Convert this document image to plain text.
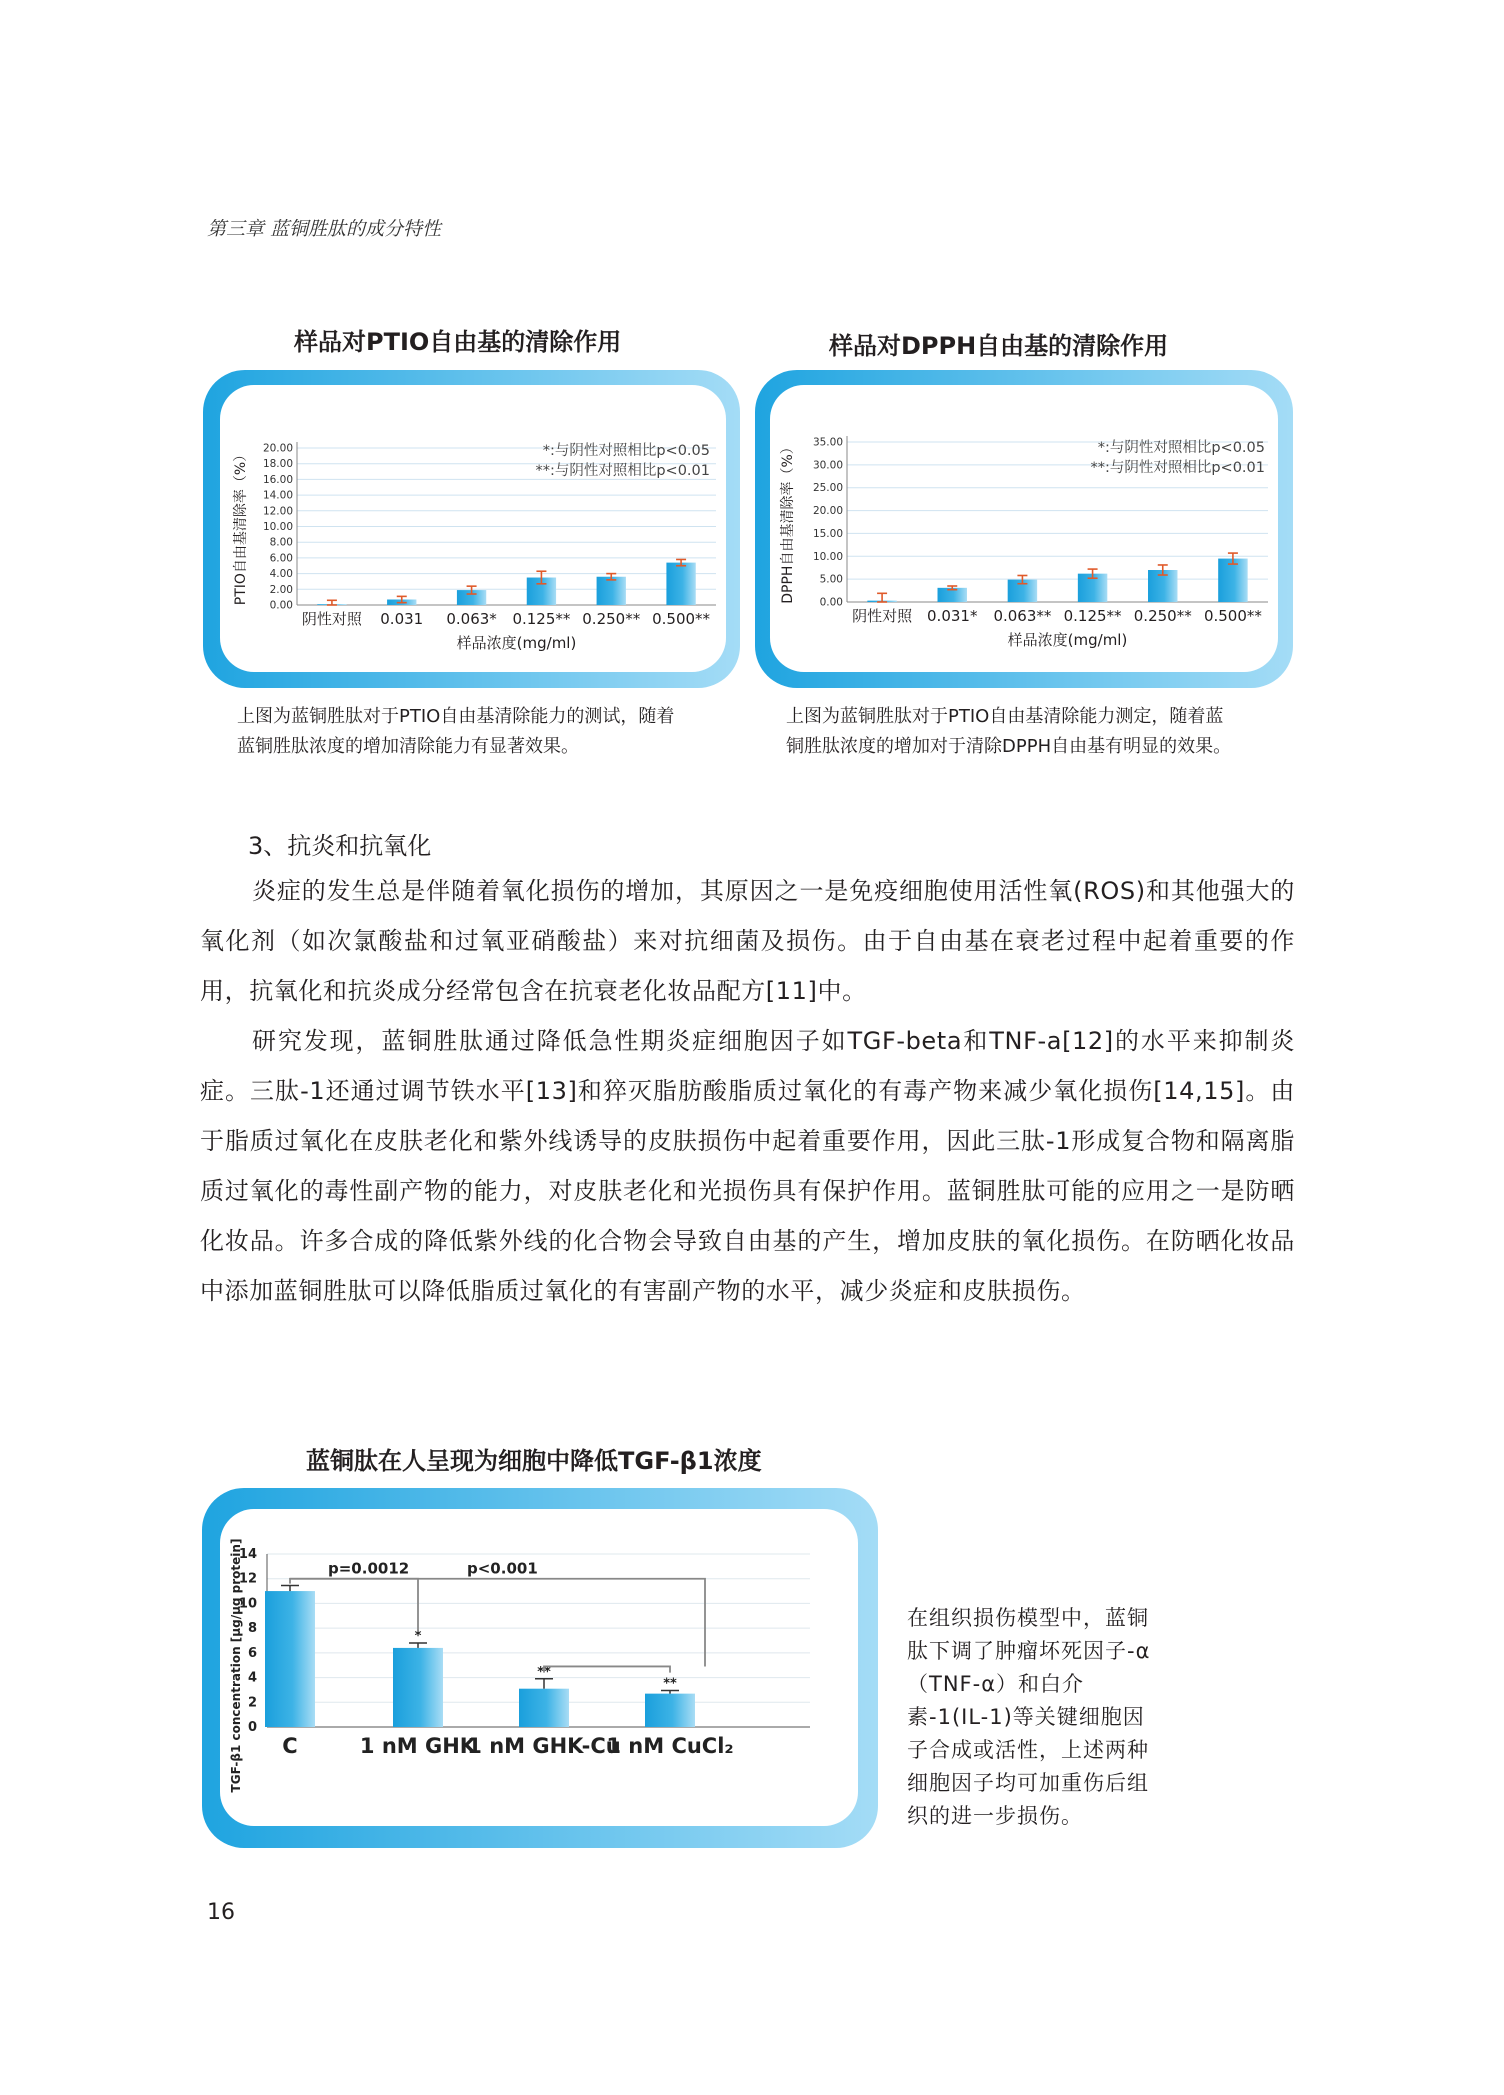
第三章 蓝铜胜肽的成分特性
样品对PTIO自由基的清除作用
0.00
2.00
4.00
6.00
8.00
10.00
12.00
14.00
16.00
18.00
20.00
阴性对照 0.031 0.063* 0.125** 0.250** 0.500**
样品浓度(mg/ml)
PTIO自由基清除率（%）	*:与阴性对照相比p<0.05
**:与阴性对照相比p<0.01
样品对DPPH自由基的清除作用
0.00
5.00
10.00
15.00
20.00
25.00
30.00
35.00
阴性对照 0.031* 0.063** 0.125** 0.250** 0.500**
样品浓度(mg/ml)
DPPH自由基清除率（%）	*:与阴性对照相比p<0.05
**:与阴性对照相比p<0.01
上图为蓝铜胜肽对于PTIO自由基清除能力的测试，随着
蓝铜胜肽浓度的增加清除能力有显著效果。
上图为蓝铜胜肽对于PTIO自由基清除能力测定，随着蓝
铜胜肽浓度的增加对于清除DPPH自由基有明显的效果。
3、抗炎和抗氧化

炎症的发生总是伴随着氧化损伤的增加，其原因之一是免疫细胞使用活性氧(ROS)和其他强大的氧化剂（如次氯酸盐和过氧亚硝酸盐）来对抗细菌及损伤。由于自由基在衰老过程中起着重要的作用，抗氧化和抗炎成分经常包含在抗衰老化妆品配方[11]中。

研究发现，蓝铜胜肽通过降低急性期炎症细胞因子如TGF-beta和TNF-a[12]的水平来抑制炎症。三肽-1还通过调节铁水平[13]和猝灭脂肪酸脂质过氧化的有毒产物来减少氧化损伤[14,15]。由于脂质过氧化在皮肤老化和紫外线诱导的皮肤损伤中起着重要作用，因此三肽-1形成复合物和隔离脂质过氧化的毒性副产物的能力，对皮肤老化和光损伤具有保护作用。蓝铜胜肽可能的应用之一是防晒化妆品。许多合成的降低紫外线的化合物会导致自由基的产生，增加皮肤的氧化损伤。在防晒化妆品中添加蓝铜胜肽可以降低脂质过氧化的有害副产物的水平，减少炎症和皮肤损伤。

蓝铜肽在人呈现为细胞中降低TGF-β1浓度
0
2
4
6
8
10
12
14
C
*
1 nM GHK
**
1 nM GHK-Cu
**
1 nM CuCl₂
p=0.0012	p<0.001
TGF-β1 concentration [μg/μg protein]	在组织损伤模型中，蓝铜肽下调了肿瘤坏死因子-α（TNF-α）和白介素-1(IL-1)等关键细胞因子合成或活性，上述两种细胞因子均可加重伤后组织的进一步损伤。
16
